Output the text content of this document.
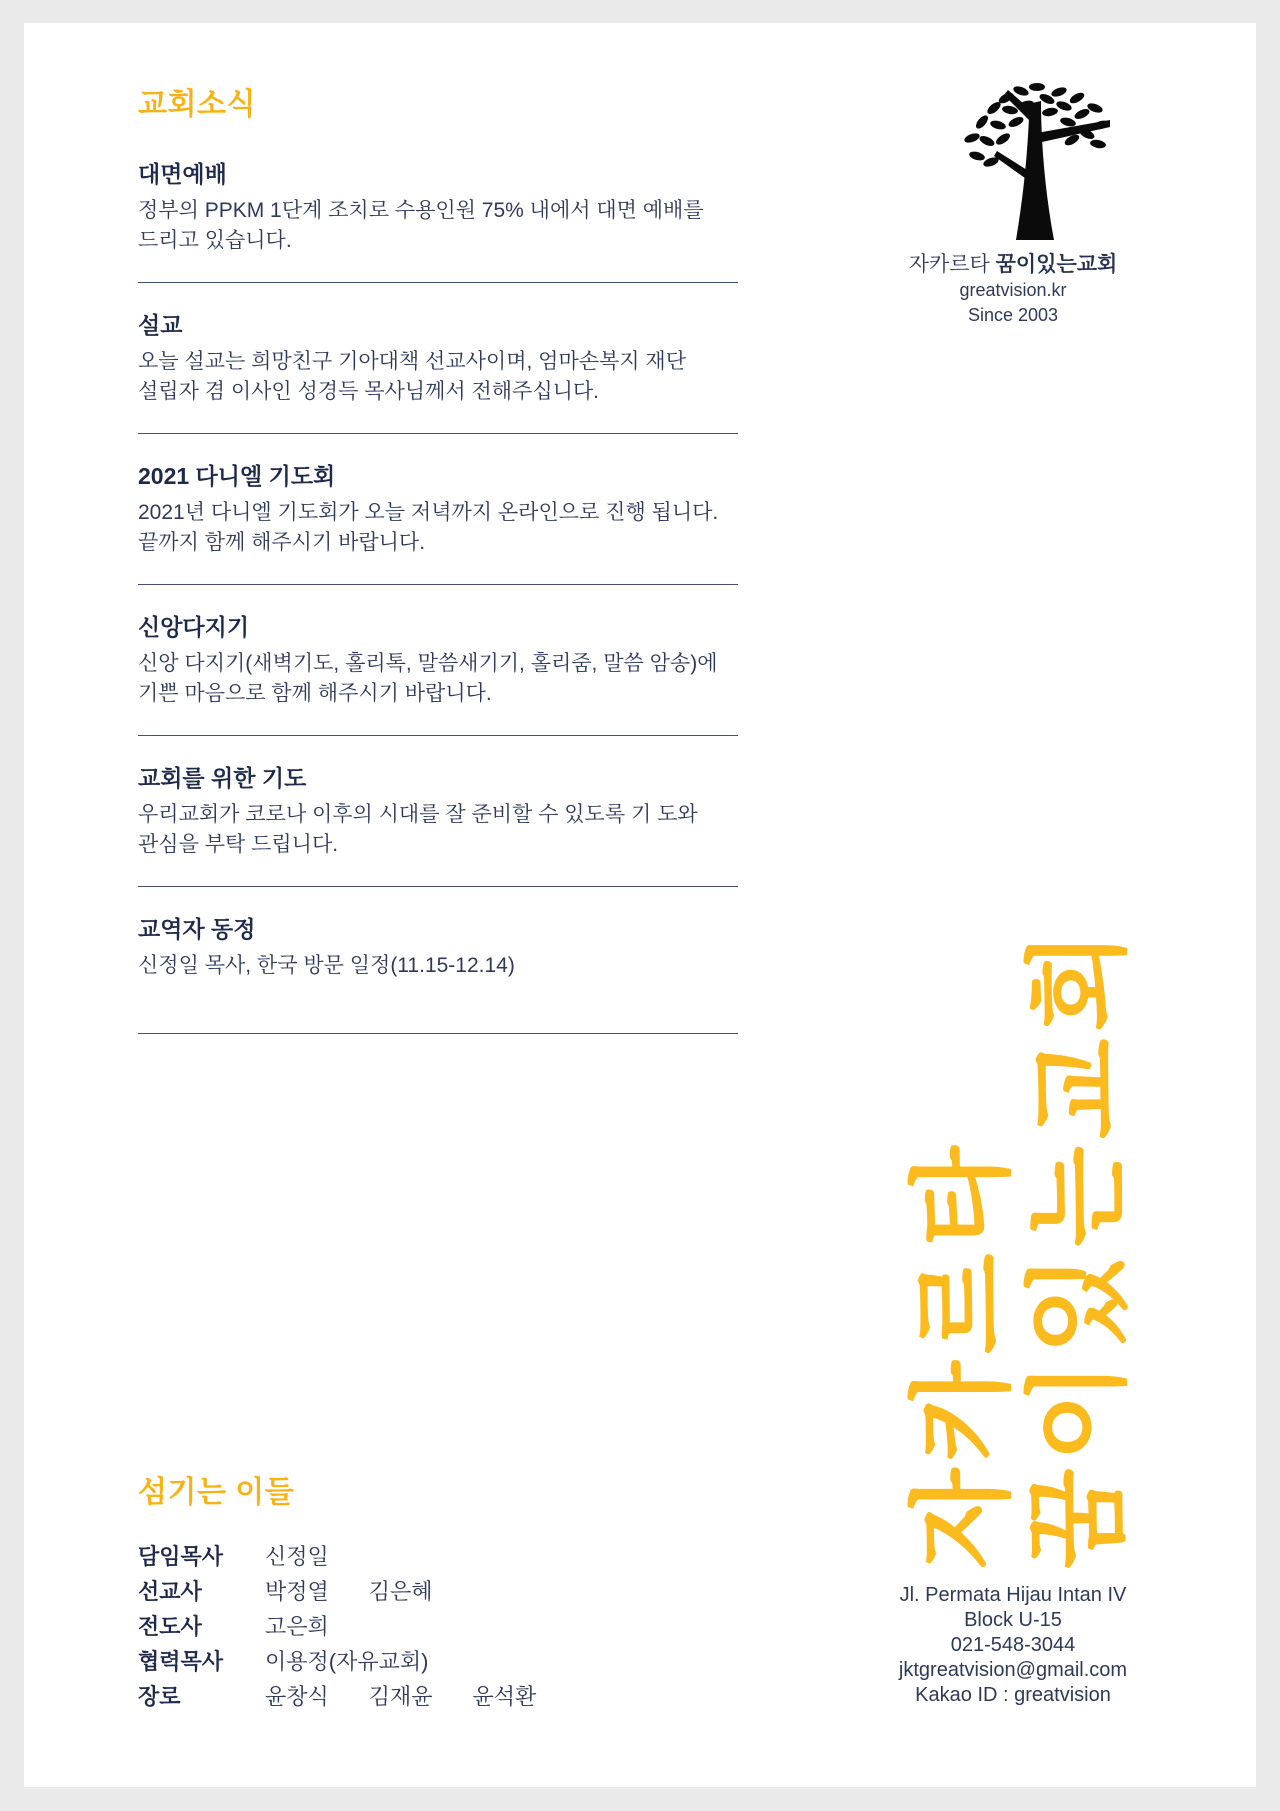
교회소식
대면예배

정부의 PPKM 1단계 조치로 수용인원 75% 내에서 대면 예배를 드리고 있습니다.

설교

오늘 설교는 희망친구 기아대책 선교사이며, 엄마손복지 재단 설립자 겸 이사인 성경득 목사님께서 전해주십니다.

2021 다니엘 기도회

2021년 다니엘 기도회가 오늘 저녁까지 온라인으로 진행 됩니다. 끝까지 함께 해주시기 바랍니다.

신앙다지기

신앙 다지기(새벽기도, 홀리톡, 말씀새기기, 홀리줌, 말씀 암송)에 기쁜 마음으로 함께 해주시기 바랍니다.

교회를 위한 기도

우리교회가 코로나 이후의 시대를 잘 준비할 수 있도록 기 도와 관심을 부탁 드립니다.

교역자 동정

신정일 목사, 한국 방문 일정(11.15-12.14)

자카르타 꿈이있는교회
greatvision.kr
Since 2003
자카르타 꿈이있는교회
섬기는 이들
담임목사	신정일
선교사	박정열 김은혜
전도사	고은희
협력목사	이용정(자유교회)
장로	윤창식 김재윤 윤석환
Jl. Permata Hijau Intan IV
Block U-15
021-548-3044
jktgreatvision@gmail.com
Kakao ID : greatvision
